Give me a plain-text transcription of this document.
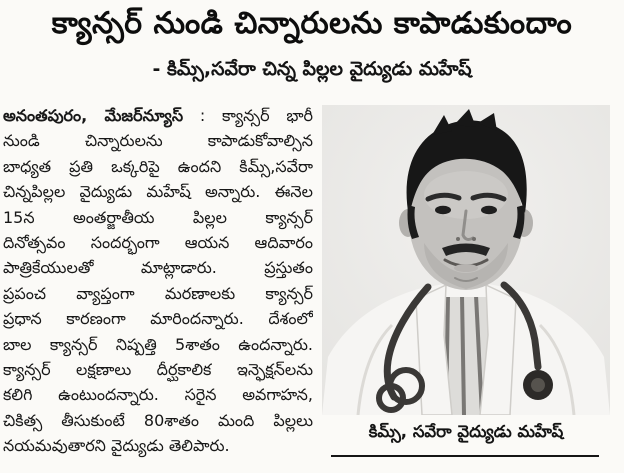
క్యాన్సర్ నుండి చిన్నారులను కాపాడుకుందాం
- కిమ్స్,సవేరా చిన్న పిల్లల వైద్యుడు మహేష్
అనంతపురం, మేజర్‌న్యూస్ : క్యాన్సర్ భారీ
నుండి చిన్నారులను కాపాడుకోవాల్సిన
బాధ్యత ప్రతి ఒక్కరిపై ఉందని కిమ్స్,సవేరా
చిన్నపిల్లల వైద్యుడు మహేష్ అన్నారు. ఈనెల
15న అంతర్జాతీయ పిల్లల క్యాన్సర్
దినోత్సవం సందర్భంగా ఆయన ఆదివారం
పాత్రికేయులతో మాట్లాడారు. ప్రస్తుతం
ప్రపంచ వ్యాప్తంగా మరణాలకు క్యాన్సర్
ప్రధాన కారణంగా మారిందన్నారు. దేశంలో
బాల క్యాన్సర్ నిష్పత్తి 5శాతం ఉందన్నారు.
క్యాన్సర్ లక్షణాలు దీర్ఘకాలిక ఇన్ఫెక్షన్‌లను
కలిగి ఉంటుందన్నారు. సరైన అవగాహన,
చికిత్స తీసుకుంటే 80శాతం మంది పిల్లలు
నయమవుతారని వైద్యుడు తెలిపారు.
కిమ్స్, సవేరా వైద్యుడు మహేష్
